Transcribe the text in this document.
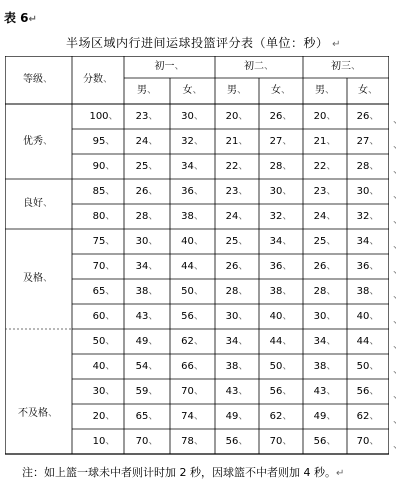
表 6↵
半场区域内行进间运球投篮评分表（单位：秒） ↵
等级、	分数、
初一、
男、	女、
初二、
男、 女、
初三、
男、 女、
优秀、
良好、
及格、
不及格、
100、 23、 30、 20、 26、 20、 26、
95、 24、 32、 21、 27、 21、 27、
90、 25、 34、 22、 28、 22、 28、
85、 26、 36、 23、 30、 23、 30、
80、 28、 38、 24、 32、 24、 32、
75、 30、 40、 25、 34、 25、 34、
70、 34、 44、 26、 36、 26、 36、
65、 38、 50、 28、 38、 28、 38、
60、 43、 56、 30、 40、 30、 40、
50、 49、 62、 34、 44、 34、 44、
40、 54、 66、 38、 50、 38、 50、
30、 59、 70、 43、 56、 43、 56、
20、 65、 74、 49、 62、 49、 62、
10、 70、 78、 56、 70、 56、 70、
注：如上篮一球未中者则计时加 2 秒，因球篮不中者则加 4 秒。↵
、
、
、
、
、
、
、
、
、
、
、
、
、
、
